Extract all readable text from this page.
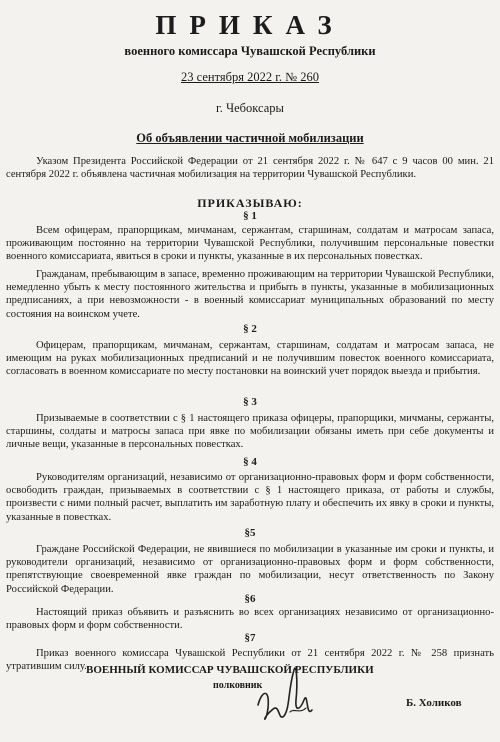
ПРИКАЗ
военного комиссара Чувашской Республики
23 сентября 2022 г. № 260
г. Чебоксары
Об объявлении частичной мобилизации

Указом Президента Российской Федерации от 21 сентября 2022 г. № 647 с 9 часов 00 мин. 21 сентября 2022 г. объявлена частичная мобилизация на территории Чувашской Республики.

ПРИКАЗЫВАЮ:
§ 1

Всем офицерам, прапорщикам, мичманам, сержантам, старшинам, солдатам и матросам запаса, проживающим постоянно на территории Чувашской Республики, получившим персональные повестки военного комиссариата, явиться в сроки и пункты, указанные в их персональных повестках.

Гражданам, пребывающим в запасе, временно проживающим на территории Чувашской Республики, немедленно убыть к месту постоянного жительства и прибыть в пункты, указанные в мобилизационных предписаниях, а при невозможности - в военный комиссариат муниципальных образований по месту состояния на воинском учете.

§ 2

Офицерам, прапорщикам, мичманам, сержантам, старшинам, солдатам и матросам запаса, не имеющим на руках мобилизационных предписаний и не получившим повесток военного комиссариата, согласовать в военном комиссариате по месту постановки на воинский учет порядок выезда и прибытия.

§ 3

Призываемые в соответствии с § 1 настоящего приказа офицеры, прапорщики, мичманы, сержанты, старшины, солдаты и матросы запаса при явке по мобилизации обязаны иметь при себе документы и личные вещи, указанные в персональных повестках.

§ 4

Руководителям организаций, независимо от организационно-правовых форм и форм собственности, освободить граждан, призываемых в соответствии с § 1 настоящего приказа, от работы и службы, произвести с ними полный расчет, выплатить им заработную плату и обеспечить их явку в сроки и пункты, указанные в повестках.

§5

Граждане Российской Федерации, не явившиеся по мобилизации в указанные им сроки и пункты, и руководители организаций, независимо от организационно-правовых форм и форм собственности, препятствующие своевременной явке граждан по мобилизации, несут ответственность по Закону Российской Федерации.

§6

Настоящий приказ объявить и разъяснить во всех организациях независимо от организационно-правовых форм и форм собственности.

§7

Приказ военного комиссара Чувашской Республики от 21 сентября 2022 г. № 258 признать утратившим силу. ВОЕННЫЙ КОМИССАР ЧУВАШСКОЙ РЕСПУБЛИКИ
полковник
Б. Холиков
